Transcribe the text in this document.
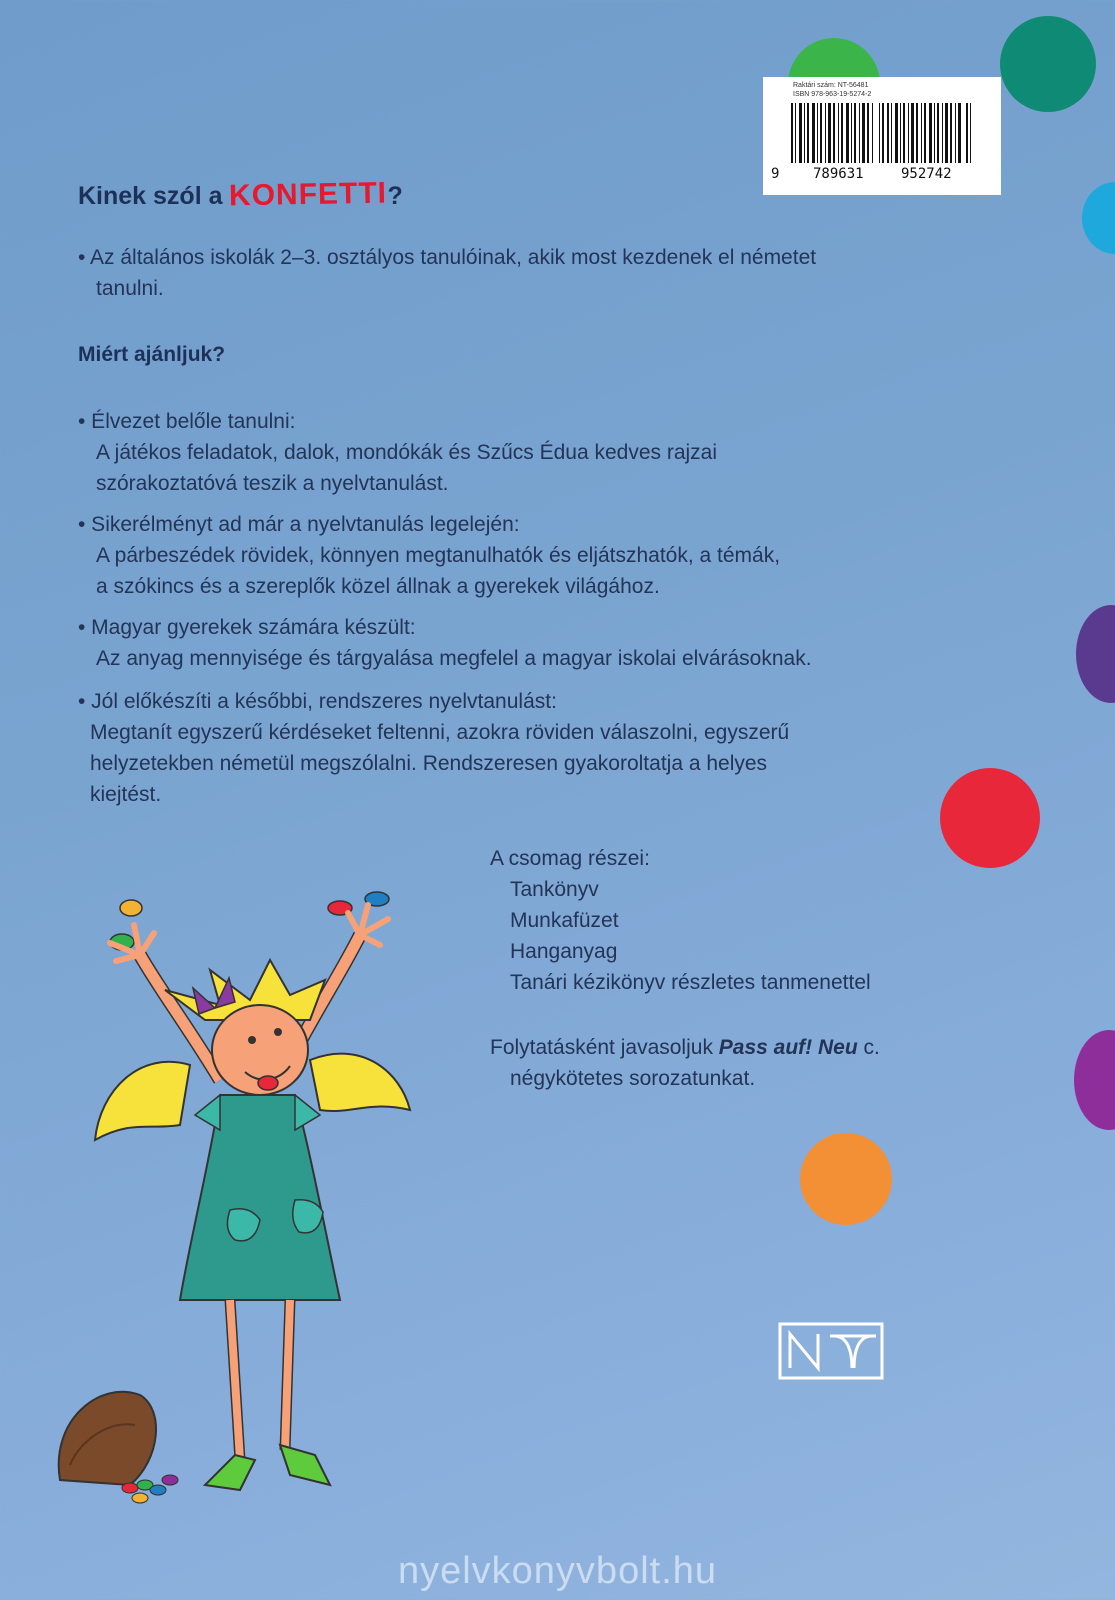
Raktári szám: NT-56481
ISBN 978-963-19-5274-2
9 789631	952742
Kinek szól a KONFETTI?
• Az általános iskolák 2–3. osztályos tanulóinak, akik most kezdenek el németet
tanulni.
Miért ajánljuk?
• Élvezet belőle tanulni:
A játékos feladatok, dalok, mondókák és Szűcs Édua kedves rajzai
szórakoztatóvá teszik a nyelvtanulást.
• Sikerélményt ad már a nyelvtanulás legelején:
A párbeszédek rövidek, könnyen megtanulhatók és eljátszhatók, a témák,
a szókincs és a szereplők közel állnak a gyerekek világához.
• Magyar gyerekek számára készült:
Az anyag mennyisége és tárgyalása megfelel a magyar iskolai elvárásoknak.
• Jól előkészíti a későbbi, rendszeres nyelvtanulást:
Megtanít egyszerű kérdéseket feltenni, azokra röviden válaszolni, egyszerű
helyzetekben németül megszólalni. Rendszeresen gyakoroltatja a helyes
kiejtést.
A csomag részei:
Tankönyv
Munkafüzet
Hanganyag
Tanári kézikönyv részletes tanmenettel
Folytatásként javasoljuk Pass auf! Neu c.
négykötetes sorozatunkat.
nyelvkonyvbolt.hu
